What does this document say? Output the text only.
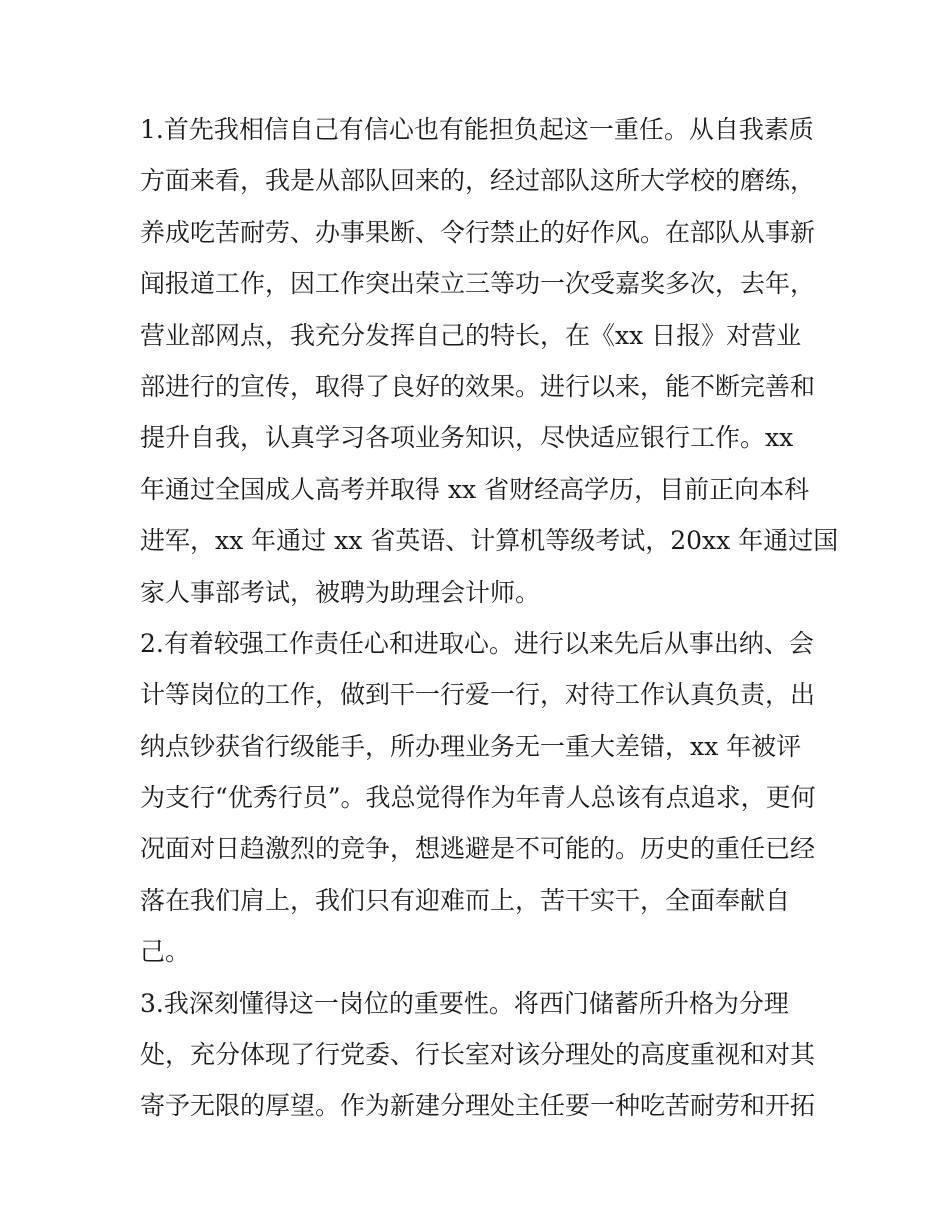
1.首先我相信自己有信心也有能担负起这一重任。从自我素质
方面来看，我是从部队回来的，经过部队这所大学校的磨练，
养成吃苦耐劳、办事果断、令行禁止的好作风。在部队从事新
闻报道工作，因工作突出荣立三等功一次受嘉奖多次，去年，
营业部网点，我充分发挥自己的特长，在《xx 日报》对营业
部进行的宣传，取得了良好的效果。进行以来，能不断完善和
提升自我，认真学习各项业务知识，尽快适应银行工作。xx
年通过全国成人高考并取得 xx 省财经高学历，目前正向本科
进军，xx 年通过 xx 省英语、计算机等级考试，20xx 年通过国
家人事部考试，被聘为助理会计师。
2.有着较强工作责任心和进取心。进行以来先后从事出纳、会
计等岗位的工作，做到干一行爱一行，对待工作认真负责，出
纳点钞获省行级能手，所办理业务无一重大差错，xx 年被评
为支行“优秀行员”。我总觉得作为年青人总该有点追求，更何
况面对日趋激烈的竞争，想逃避是不可能的。历史的重任已经
落在我们肩上，我们只有迎难而上，苦干实干，全面奉献自
己。
3.我深刻懂得这一岗位的重要性。将西门储蓄所升格为分理
处，充分体现了行党委、行长室对该分理处的高度重视和对其
寄予无限的厚望。作为新建分理处主任要一种吃苦耐劳和开拓
